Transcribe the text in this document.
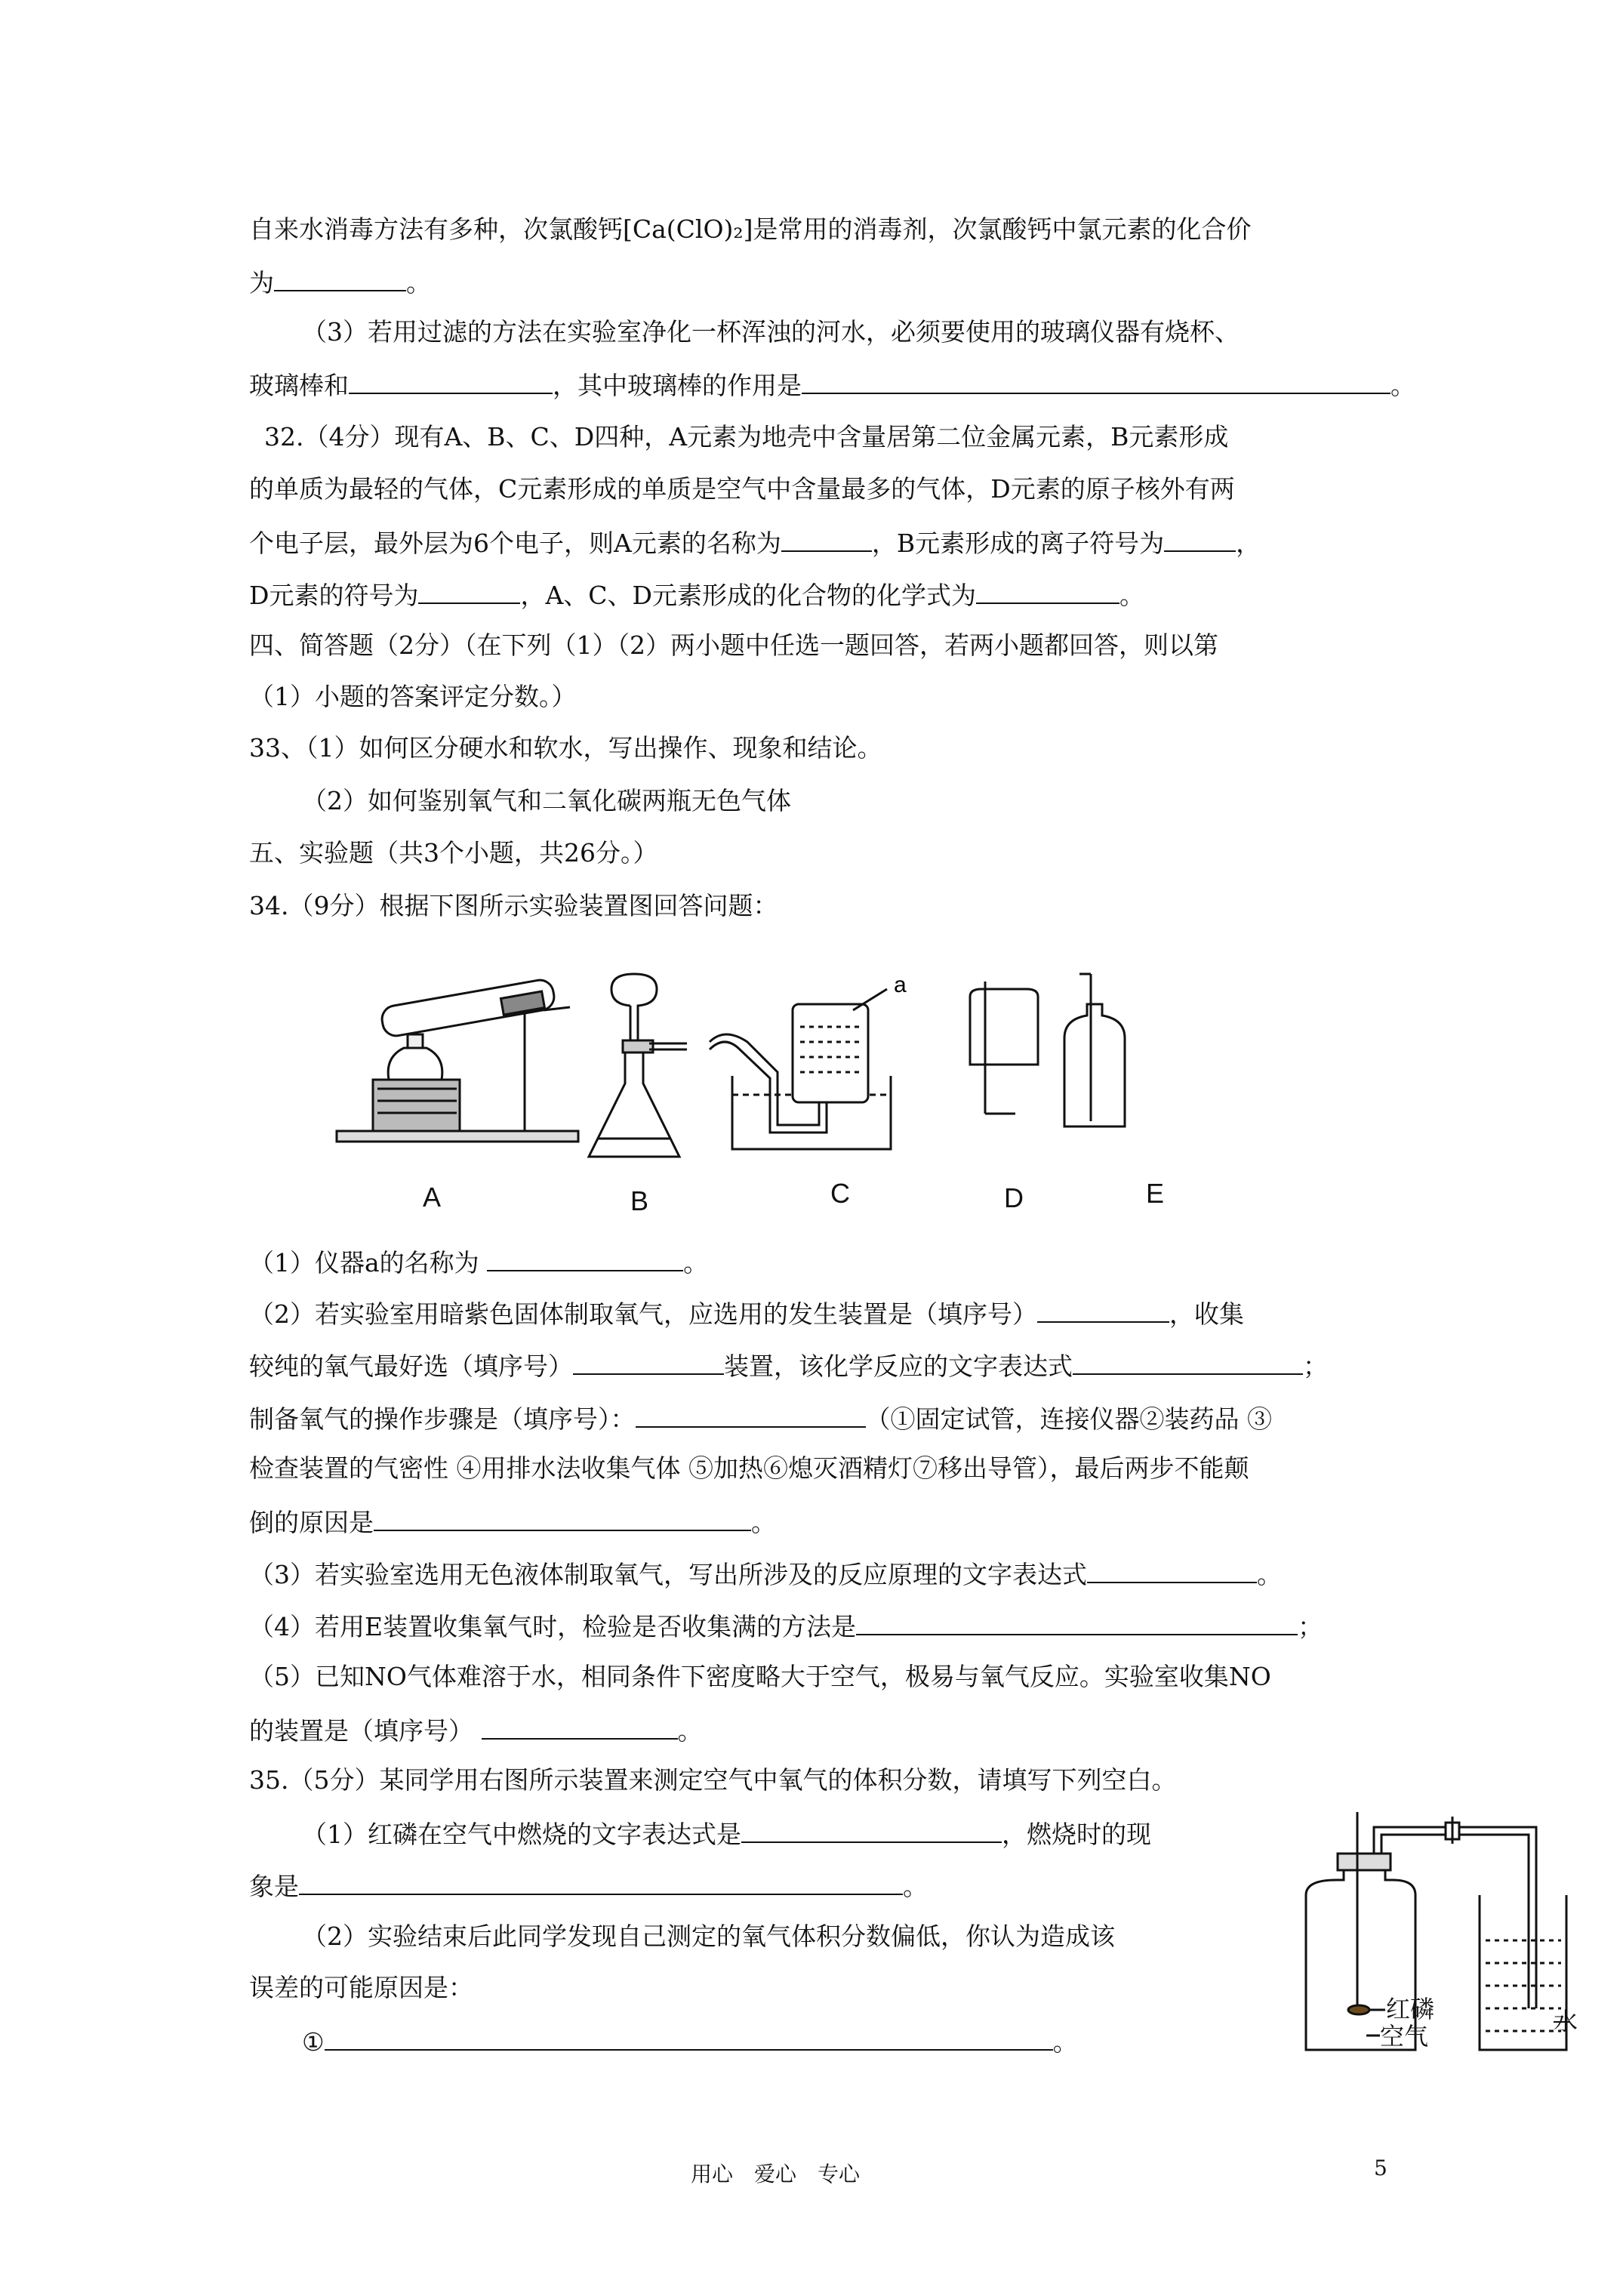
自来水消毒方法有多种，次氯酸钙[Ca(ClO)₂]是常用的消毒剂，次氯酸钙中氯元素的化合价
为	。
（3）若用过滤的方法在实验室净化一杯浑浊的河水，必须要使用的玻璃仪器有烧杯、
玻璃棒和	，其中玻璃棒的作用是	。
32.（4分）现有A、B、C、D四种，A元素为地壳中含量居第二位金属元素，B元素形成
的单质为最轻的气体，C元素形成的单质是空气中含量最多的气体，D元素的原子核外有两
个电子层，最外层为6个电子，则A元素的名称为	，B元素形成的离子符号为	，
D元素的符号为	，A、C、D元素形成的化合物的化学式为	。
四、简答题（2分）（在下列（1）（2）两小题中任选一题回答，若两小题都回答，则以第
（1）小题的答案评定分数。）
33、（1）如何区分硬水和软水，写出操作、现象和结论。
（2）如何鉴别氧气和二氧化碳两瓶无色气体
五、实验题（共3个小题，共26分。）
34.（9分）根据下图所示实验装置图回答问题：
a
A	B	C	D	E
（1）仪器a的名称为	。
（2）若实验室用暗紫色固体制取氧气，应选用的发生装置是（填序号）	，收集
较纯的氧气最好选（填序号）	装置，该化学反应的文字表达式	；
制备氧气的操作步骤是（填序号）：	（①固定试管，连接仪器②装药品 ③
检查装置的气密性 ④用排水法收集气体 ⑤加热⑥熄灭酒精灯⑦移出导管），最后两步不能颠
倒的原因是	。
（3）若实验室选用无色液体制取氧气，写出所涉及的反应原理的文字表达式	。
（4）若用E装置收集氧气时，检验是否收集满的方法是	；
（5）已知NO气体难溶于水，相同条件下密度略大于空气，极易与氧气反应。实验室收集NO
的装置是（填序号）	。
35.（5分）某同学用右图所示装置来测定空气中氧气的体积分数，请填写下列空白。
（1）红磷在空气中燃烧的文字表达式是	，燃烧时的现
象是	。
（2）实验结束后此同学发现自己测定的氧气体积分数偏低，你认为造成该
误差的可能原因是：
①	。
红磷
空气
水
用心　爱心　专心	5
